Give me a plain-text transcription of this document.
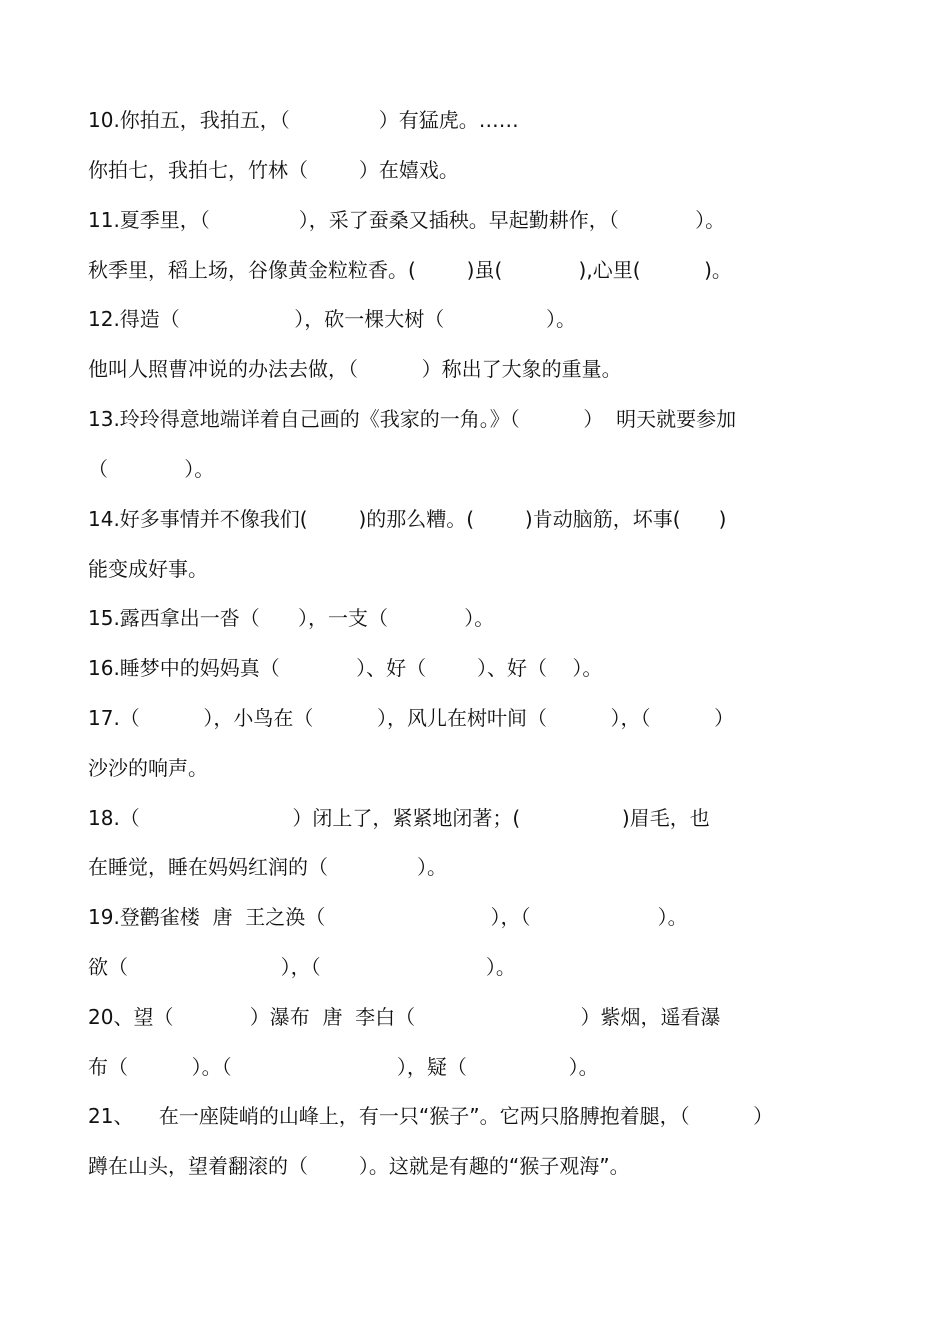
10.你拍五，我拍五，（              ）有猛虎。……
你拍七，我拍七，竹林（        ）在嬉戏。
11.夏季里，（              ），采了蚕桑又插秧。早起勤耕作，（            ）。
秋季里，稻上场，谷像黄金粒粒香。(        )虽(            ),心里(          )。
12.得造（                  ），砍一棵大树（                ）。
他叫人照曹冲说的办法去做，（          ）称出了大象的重量。
13.玲玲得意地端详着自己画的《我家的一角。》（          ）  明天就要参加
（            ）。
14.好多事情并不像我们(        )的那么糟。(        )肯动脑筋，坏事(      )
能变成好事。
15.露西拿出一沓（      ），一支（            ）。
16.睡梦中的妈妈真（            ）、好（        ）、好（    ）。
17.（          ），小鸟在（          ），风儿在树叶间（          ），（          ）
沙沙的响声。
18.（                        ）闭上了，紧紧地闭著；(                )眉毛，也
在睡觉，睡在妈妈红润的（              ）。
19.登鹳雀楼  唐  王之涣（                          ），（                    ）。
欲（                        ），（                          ）。
20、望（            ）瀑布  唐  李白（                          ）紫烟，遥看瀑
布（          ）。（                          ），疑（                ）。
21、    在一座陡峭的山峰上，有一只“猴子”。它两只胳膊抱着腿，（          ）
蹲在山头，望着翻滚的（        ）。这就是有趣的“猴子观海”。
